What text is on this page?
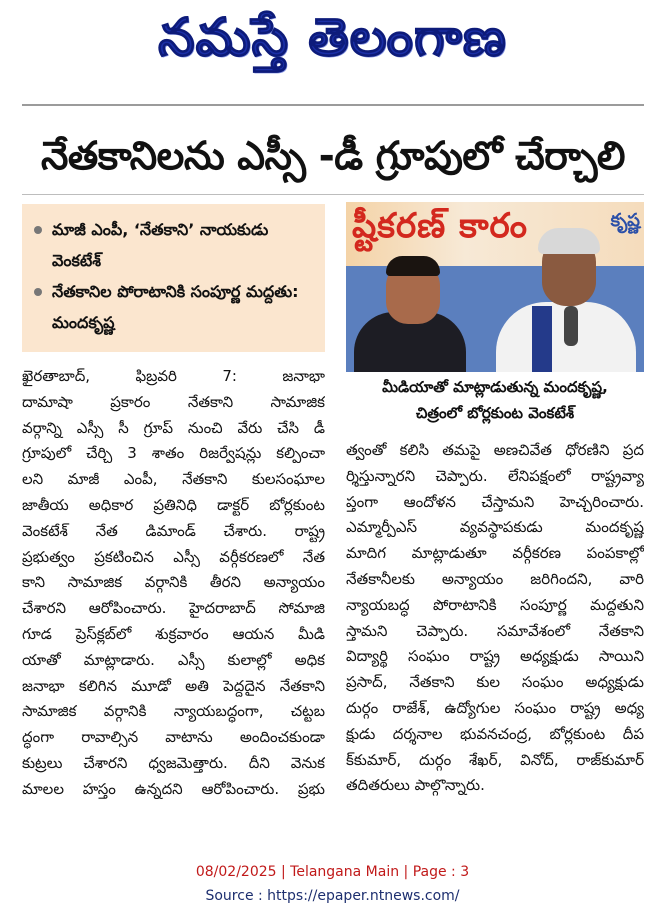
నమస్తే తెలంగాణ
నేతకానిలను ఎస్సీ -డీ గ్రూపులో చేర్చాలి
మాజీ ఎంపీ, ‘నేతకాని’ నాయకుడు వెంకటేశ్
నేతకానిల పోరాటానికి సంపూర్ణ మద్దతు: మందకృష్ణ
ష్టీకరణ్ కారం	కృష్ణ
మీడియాతో మాట్లాడుతున్న మందకృష్ణ,
చిత్రంలో బోర్లకుంట వెంకటేశ్
ఖైరతాబాద్, ఫిబ్రవరి 7: జనాభా
దామాషా ప్రకారం నేతకాని సామాజిక
వర్గాన్ని ఎస్సీ సీ గ్రూప్ నుంచి వేరు చేసి డీ
గ్రూపులో చేర్చి 3 శాతం రిజర్వేషన్లు కల్పించా
లని మాజీ ఎంపీ, నేతకాని కులసంఘాల
జాతీయ అధికార ప్రతినిధి డాక్టర్ బోర్లకుంట
వెంకటేశ్ నేత డిమాండ్ చేశారు. రాష్ట్ర
ప్రభుత్వం ప్రకటించిన ఎస్సీ వర్గీకరణలో నేత
కాని సామాజిక వర్గానికి తీరని అన్యాయం
చేశారని ఆరోపించారు. హైదరాబాద్ సోమాజి
గూడ ప్రెస్‌క్లబ్‌లో శుక్రవారం ఆయన మీడి
యాతో మాట్లాడారు. ఎస్సీ కులాల్లో అధిక
జనాభా కలిగిన మూడో అతి పెద్దదైన నేతకాని
సామాజిక వర్గానికి న్యాయబద్ధంగా, చట్టబ
ద్ధంగా రావాల్సిన వాటాను అందించకుండా
కుట్రలు చేశారని ధ్వజమెత్తారు. దీని వెనుక
మాలల హస్తం ఉన్నదని ఆరోపించారు. ప్రభు
త్వంతో కలిసి తమపై అణచివేత ధోరణిని ప్రద
ర్శిస్తున్నారని చెప్పారు. లేనిపక్షంలో రాష్ట్రవ్యా
ప్తంగా ఆందోళన చేస్తామని హెచ్చరించారు.
ఎమ్మార్పీఎస్ వ్యవస్థాపకుడు మందకృష్ణ
మాదిగ మాట్లాడుతూ వర్గీకరణ పంపకాల్లో
నేతకానీలకు అన్యాయం జరిగిందని, వారి
న్యాయబద్ధ పోరాటానికి సంపూర్ణ మద్దతుని
స్తామని చెప్పారు. సమావేశంలో నేతకాని
విద్యార్థి సంఘం రాష్ట్ర అధ్యక్షుడు సాయిని
ప్రసాద్, నేతకాని కుల సంఘం అధ్యక్షుడు
దుర్గం రాజేశ్, ఉద్యోగుల సంఘం రాష్ట్ర అధ్య
క్షుడు దర్శనాల భువనచంద్ర, బోర్లకుంట దీప
క్‌కుమార్, దుర్గం శేఖర్, వినోద్, రాజ్‌కుమార్
తదితరులు పాల్గొన్నారు.
08/02/2025 | Telangana Main | Page : 3
Source : https://epaper.ntnews.com/
